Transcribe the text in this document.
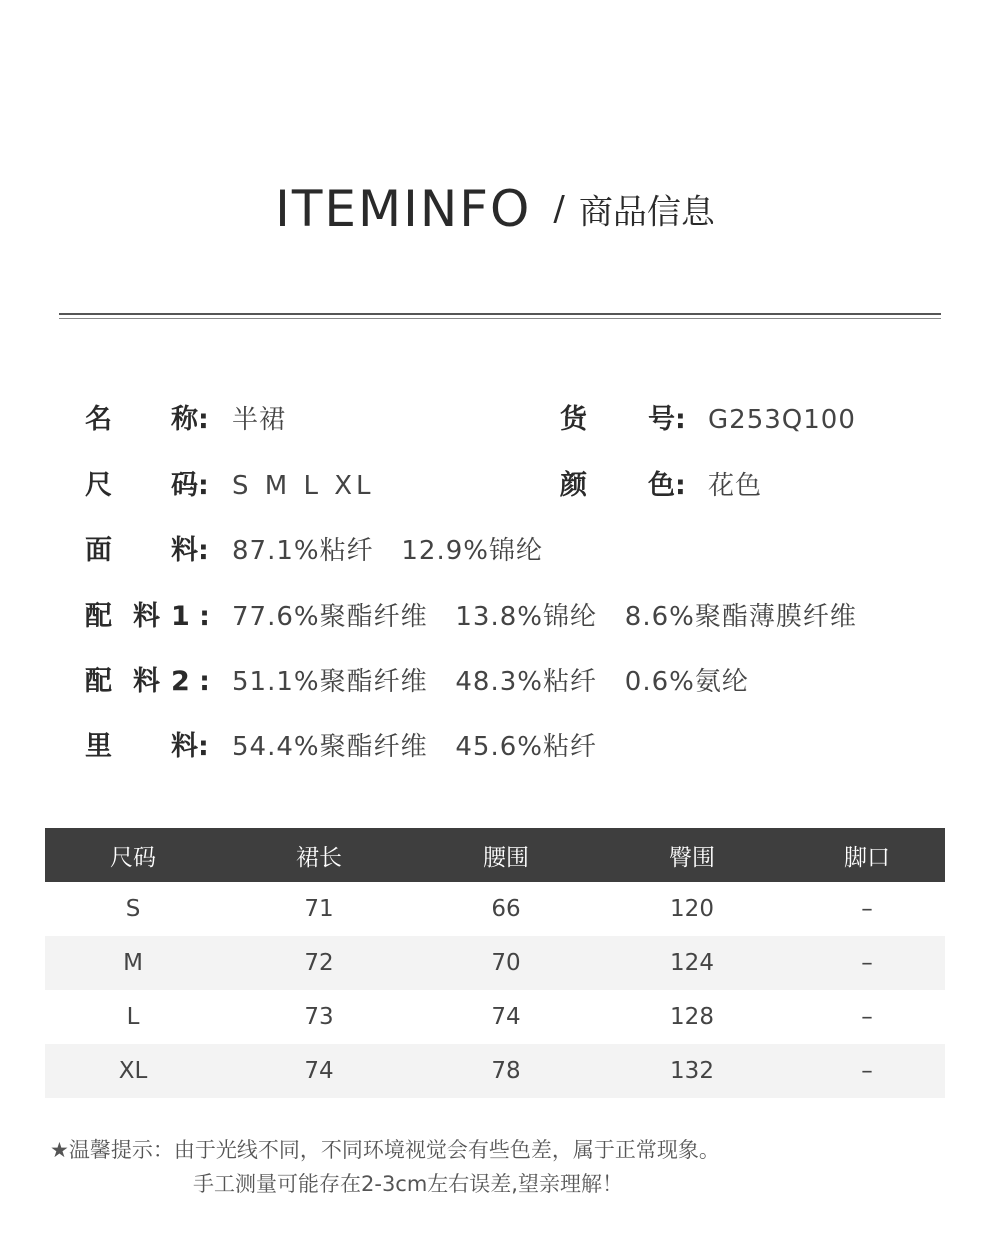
ITEMINFO / 商品信息
名 称: 半裙	货 号: G253Q100
尺 码: S M L XL	颜 色: 花色
面 料: 87.1%粘纤   12.9%锦纶
配 料 1 : 77.6%聚酯纤维   13.8%锦纶   8.6%聚酯薄膜纤维
配 料 2 : 51.1%聚酯纤维   48.3%粘纤   0.6%氨纶
里 料: 54.4%聚酯纤维   45.6%粘纤
尺码	裙长	腰围	臀围	脚口
S	71	66	120	–
M	72	70	124	–
L	73	74	128	–
XL	74	78	132	–
★温馨提示：由于光线不同，不同环境视觉会有些色差，属于正常现象。
手工测量可能存在2-3cm左右误差,望亲理解！
